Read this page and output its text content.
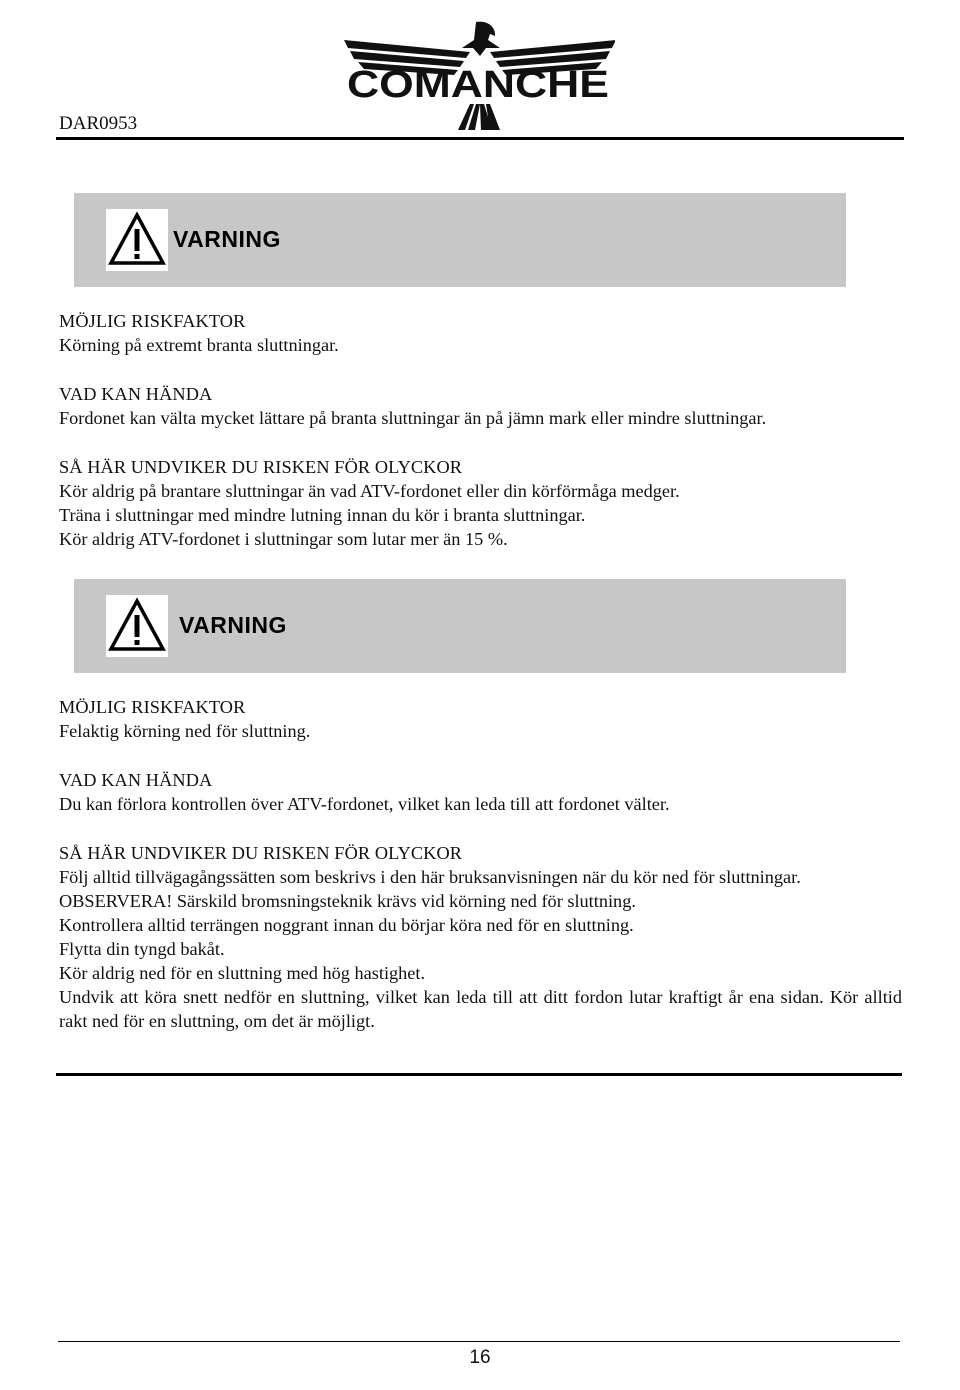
DAR0953
COMANCHE
VARNING

MÖJLIG RISKFAKTOR

Körning på extremt branta sluttningar.

VAD KAN HÄNDA

Fordonet kan välta mycket lättare på branta sluttningar än på jämn mark eller mindre sluttningar.

SÅ HÄR UNDVIKER DU RISKEN FÖR OLYCKOR

Kör aldrig på brantare sluttningar än vad ATV-fordonet eller din körförmåga medger.

Träna i sluttningar med mindre lutning innan du kör i branta sluttningar.

Kör aldrig ATV-fordonet i sluttningar som lutar mer än 15 %.

VARNING

MÖJLIG RISKFAKTOR

Felaktig körning ned för sluttning.

VAD KAN HÄNDA

Du kan förlora kontrollen över ATV-fordonet, vilket kan leda till att fordonet välter.

SÅ HÄR UNDVIKER DU RISKEN FÖR OLYCKOR

Följ alltid tillvägagångssätten som beskrivs i den här bruksanvisningen när du kör ned för sluttningar.

OBSERVERA! Särskild bromsningsteknik krävs vid körning ned för sluttning.

Kontrollera alltid terrängen noggrant innan du börjar köra ned för en sluttning.

Flytta din tyngd bakåt.

Kör aldrig ned för en sluttning med hög hastighet.

Undvik att köra snett nedför en sluttning, vilket kan leda till att ditt fordon lutar kraftigt år ena sidan. Kör alltid rakt ned för en sluttning, om det är möjligt.

16
